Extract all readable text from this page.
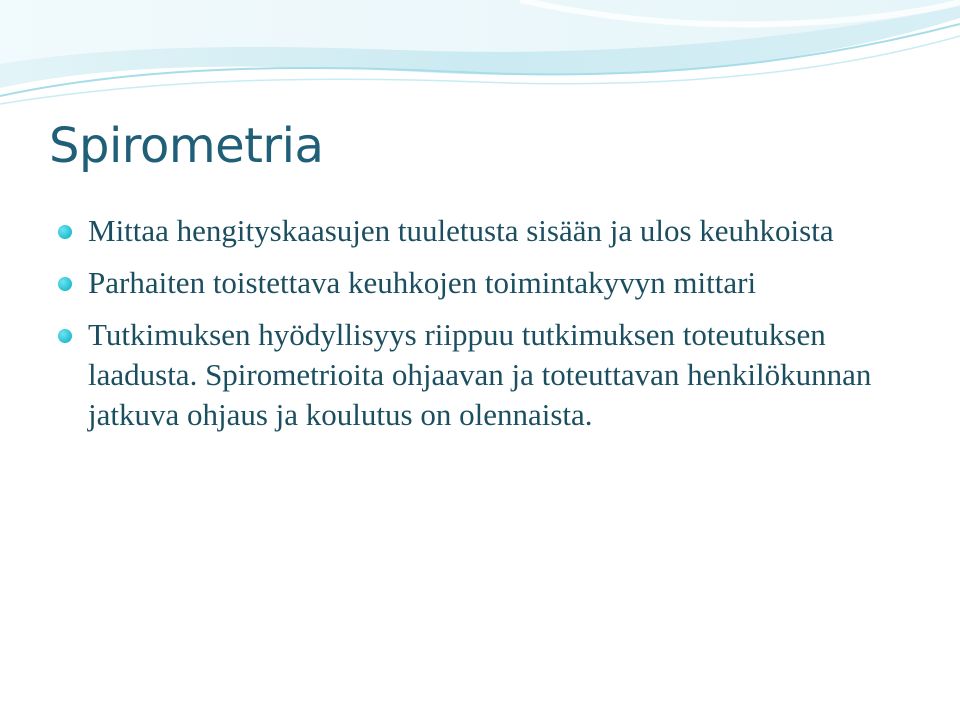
Spirometria
Mittaa hengityskaasujen tuuletusta sisään ja ulos keuhkoista
Parhaiten toistettava keuhkojen toimintakyvyn mittari
Tutkimuksen hyödyllisyys riippuu tutkimuksen toteutuksen laadusta. Spirometrioita ohjaavan ja toteuttavan henkilökunnan jatkuva ohjaus ja koulutus on olennaista.
